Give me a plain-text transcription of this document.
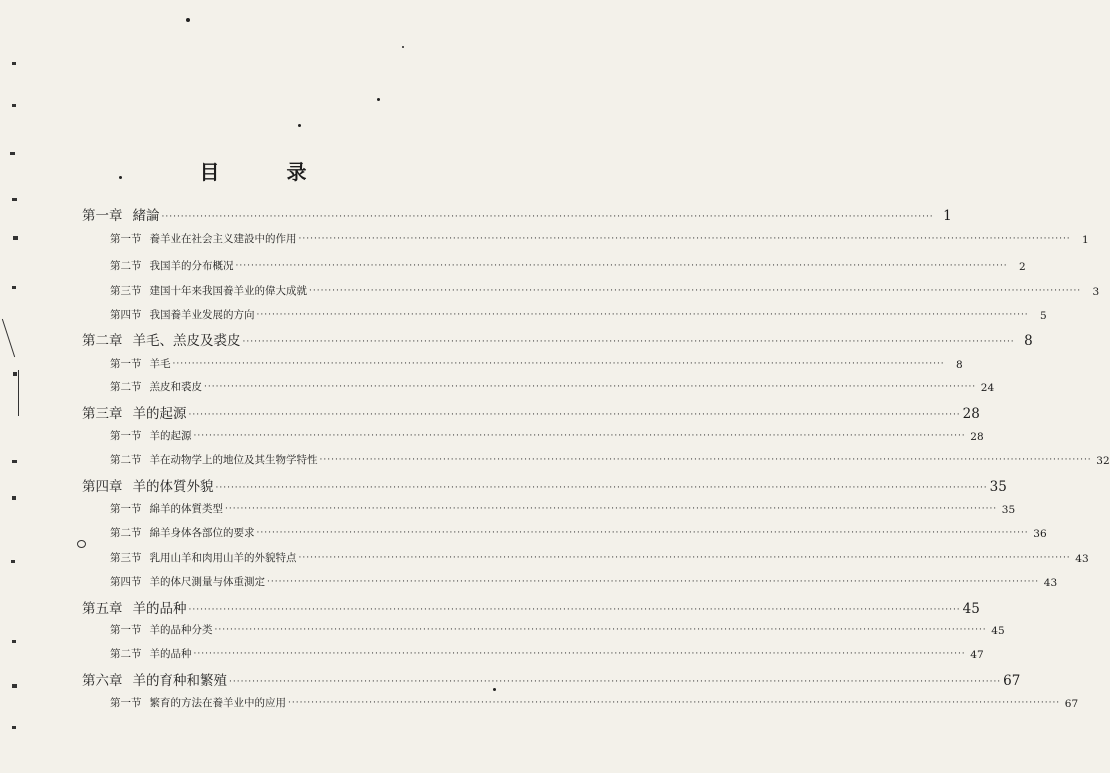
目 录
第一章 緒論 ········································································································································································································ 1
第一节 養羊业在社会主义建設中的作用 ········································································································································································································	1
第二节 我国羊的分布概况 ········································································································································································································	2
第三节 建国十年来我国養羊业的偉大成就 ········································································································································································································	3
第四节 我国養羊业发展的方向 ········································································································································································································	5
第二章 羊毛、羔皮及裘皮 ········································································································································································································ 8
第一节 羊毛 ········································································································································································································	8
第二节 羔皮和裘皮 ········································································································································································································ 24
第三章 羊的起源 ········································································································································································································ 28
第一节 羊的起源 ········································································································································································································ 28
第二节 羊在动物学上的地位及其生物学特性 ········································································································································································································ 32
第四章 羊的体質外貌 ········································································································································································································ 35
第一节 綿羊的体質类型 ········································································································································································································ 35
第二节 綿羊身体各部位的要求 ········································································································································································································ 36
第三节 乳用山羊和肉用山羊的外貌特点 ········································································································································································································ 43
第四节 羊的体尺測量与体重測定 ········································································································································································································ 43
第五章 羊的品种 ········································································································································································································ 45
第一节 羊的品种分类 ········································································································································································································ 45
第二节 羊的品种 ········································································································································································································ 47
第六章 羊的育种和繁殖 ········································································································································································································ 67
第一节 繁育的方法在養羊业中的应用 ········································································································································································································ 67
